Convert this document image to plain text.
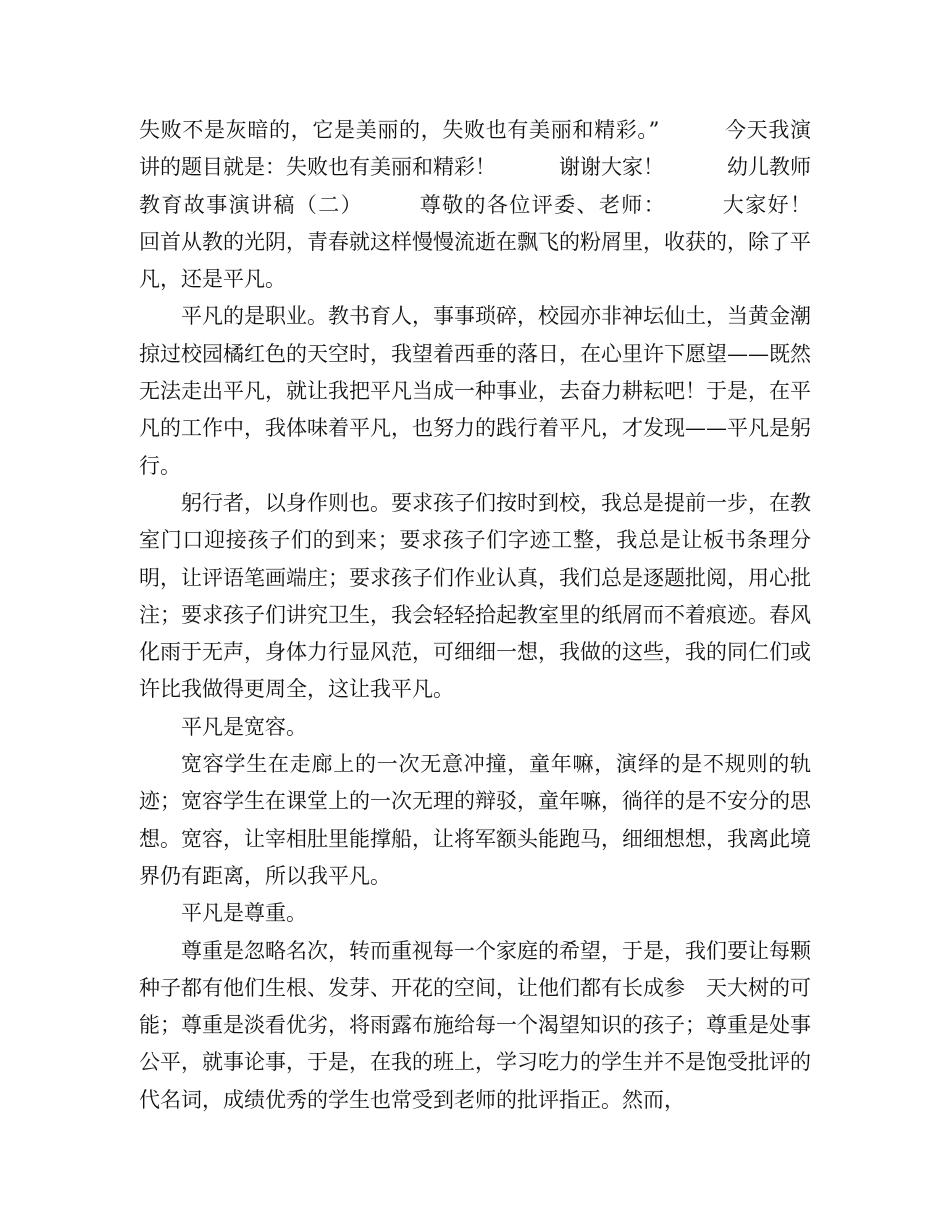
失败不是灰暗的，它是美丽的，失败也有美丽和精彩。”　　　今天我演讲的题目就是：失败也有美丽和精彩！　　　谢谢大家！　　　幼儿教师教育故事演讲稿（二）　　　尊敬的各位评委、老师：　　　大家好！　　　回首从教的光阴，青春就这样慢慢流逝在飘飞的粉屑里，收获的，除了平凡，还是平凡。

平凡的是职业。教书育人，事事琐碎，校园亦非神坛仙土，当黄金潮掠过校园橘红色的天空时，我望着西垂的落日，在心里许下愿望——既然无法走出平凡，就让我把平凡当成一种事业，去奋力耕耘吧！于是，在平凡的工作中，我体味着平凡，也努力的践行着平凡，才发现——平凡是躬行。

躬行者，以身作则也。要求孩子们按时到校，我总是提前一步，在教室门口迎接孩子们的到来；要求孩子们字迹工整，我总是让板书条理分明，让评语笔画端庄；要求孩子们作业认真，我们总是逐题批阅，用心批注；要求孩子们讲究卫生，我会轻轻拾起教室里的纸屑而不着痕迹。春风化雨于无声，身体力行显风范，可细细一想，我做的这些，我的同仁们或许比我做得更周全，这让我平凡。

平凡是宽容。

宽容学生在走廊上的一次无意冲撞，童年嘛，演绎的是不规则的轨迹；宽容学生在课堂上的一次无理的辩驳，童年嘛，徜徉的是不安分的思想。宽容，让宰相肚里能撑船，让将军额头能跑马，细细想想，我离此境界仍有距离，所以我平凡。

平凡是尊重。

尊重是忽略名次，转而重视每一个家庭的希望，于是，我们要让每颗种子都有他们生根、发芽、开花的空间，让他们都有长成参　天大树的可能；尊重是淡看优劣，将雨露布施给每一个渴望知识的孩子；尊重是处事公平，就事论事，于是，在我的班上，学习吃力的学生并不是饱受批评的代名词，成绩优秀的学生也常受到老师的批评指正。然而，
